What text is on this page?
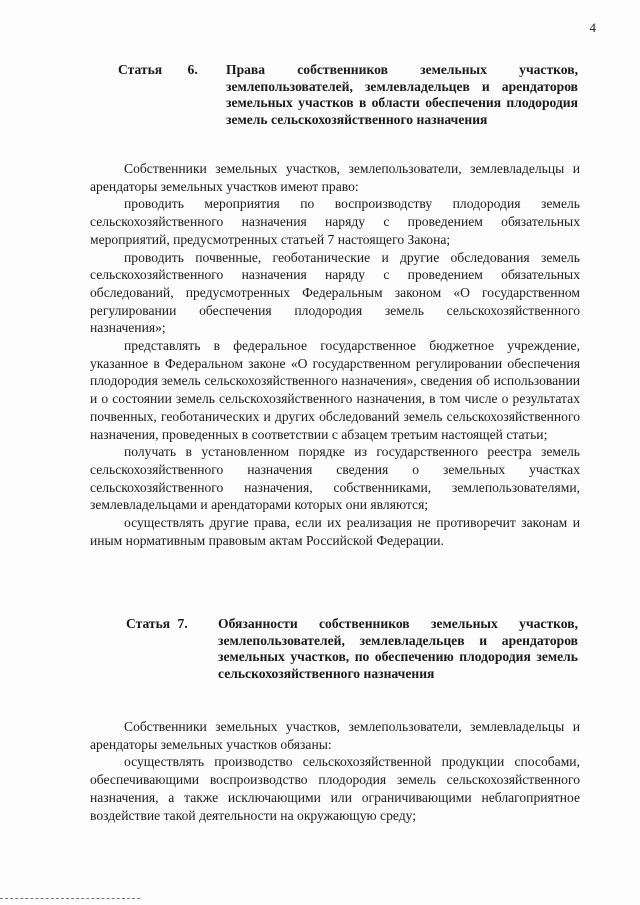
4
Статья 6. Права собственников земельных участков, землепользователей, землевладельцев и арендаторов земельных участков в области обеспечения плодородия земель сельскохозяйственного назначения

Собственники земельных участков, землепользователи, землевладельцы и арендаторы земельных участков имеют право:

проводить мероприятия по воспроизводству плодородия земель сельскохозяйственного назначения наряду с проведением обязательных мероприятий, предусмотренных статьей 7 настоящего Закона;

проводить почвенные, геоботанические и другие обследования земель сельскохозяйственного назначения наряду с проведением обязательных обследований, предусмотренных Федеральным законом «О государственном регулировании обеспечения плодородия земель сельскохозяйственного назначения»;

представлять в федеральное государственное бюджетное учреждение, указанное в Федеральном законе «О государственном регулировании обеспечения плодородия земель сельскохозяйственного назначения», сведения об использовании и о состоянии земель сельскохозяйственного назначения, в том числе о результатах почвенных, геоботанических и других обследований земель сельскохозяйственного назначения, проведенных в соответствии с абзацем третьим настоящей статьи;

получать в установленном порядке из государственного реестра земель сельскохозяйственного назначения сведения о земельных участках сельскохозяйственного назначения, собственниками, землепользователями, землевладельцами и арендаторами которых они являются;

осуществлять другие права, если их реализация не противоречит законам и иным нормативным правовым актам Российской Федерации.

Статья 7. Обязанности собственников земельных участков, землепользователей, землевладельцев и арендаторов земельных участков, по обеспечению плодородия земель сельскохозяйственного назначения

Собственники земельных участков, землепользователи, землевладельцы и арендаторы земельных участков обязаны:

осуществлять производство сельскохозяйственной продукции способами, обеспечивающими воспроизводство плодородия земель сельскохозяйственного назначения, а также исключающими или ограничивающими неблагоприятное воздействие такой деятельности на окружающую среду;
